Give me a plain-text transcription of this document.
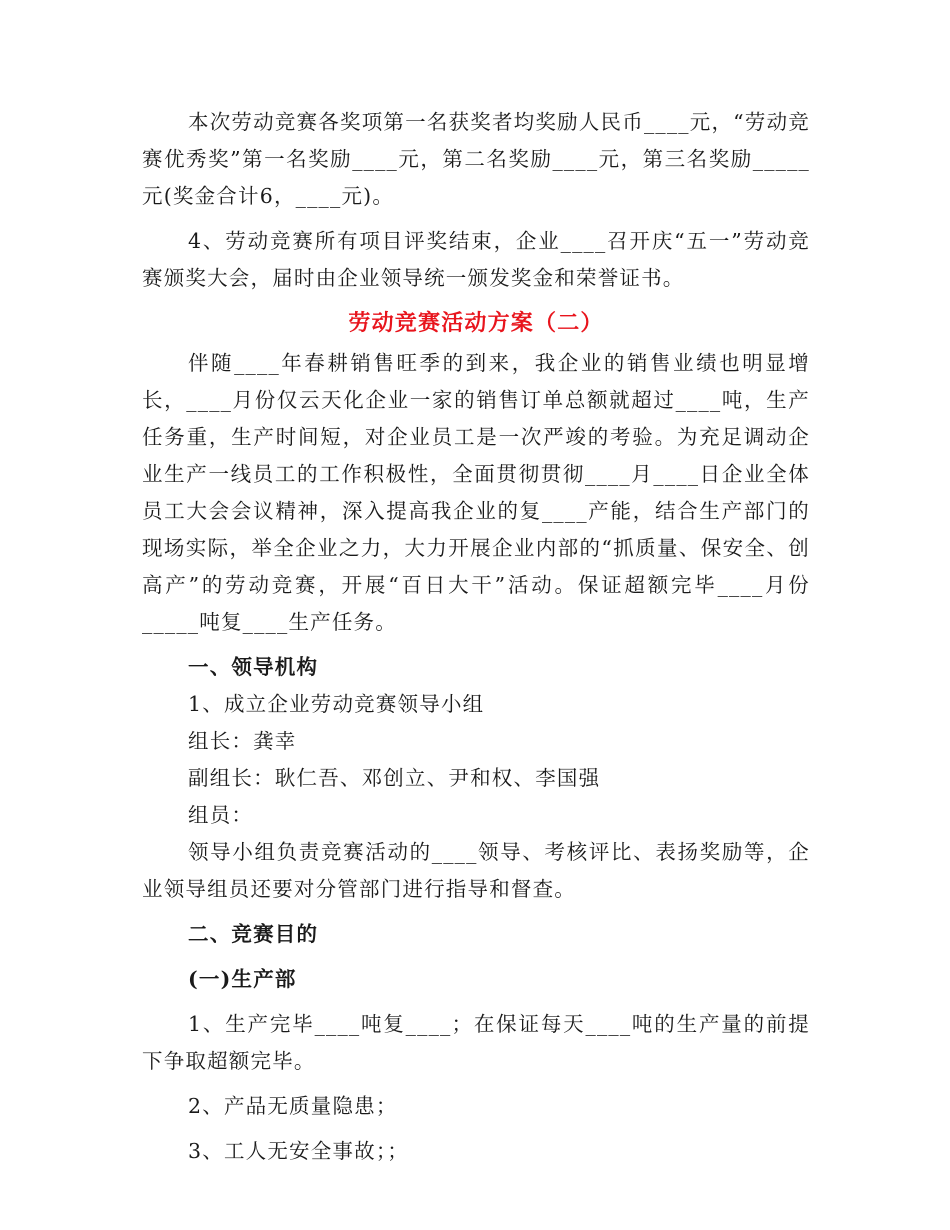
本次劳动竞赛各奖项第一名获奖者均奖励人民币____元，“劳动竞赛优秀奖”第一名奖励____元，第二名奖励____元，第三名奖励_____元(奖金合计6，____元)。

4、劳动竞赛所有项目评奖结束，企业____召开庆“五一”劳动竞赛颁奖大会，届时由企业领导统一颁发奖金和荣誉证书。

劳动竞赛活动方案（二）

伴随____年春耕销售旺季的到来，我企业的销售业绩也明显增长，____月份仅云天化企业一家的销售订单总额就超过____吨，生产任务重，生产时间短，对企业员工是一次严竣的考验。为充足调动企业生产一线员工的工作积极性，全面贯彻贯彻____月____日企业全体员工大会会议精神，深入提高我企业的复____产能，结合生产部门的现场实际，举全企业之力，大力开展企业内部的“抓质量、保安全、创高产”的劳动竞赛，开展“百日大干”活动。保证超额完毕____月份_____吨复____生产任务。

一、领导机构

1、成立企业劳动竞赛领导小组

组长：龚幸

副组长：耿仁吾、邓创立、尹和权、李国强

组员：

领导小组负责竞赛活动的____领导、考核评比、表扬奖励等，企业领导组员还要对分管部门进行指导和督查。

二、竞赛目的

(一)生产部

1、生产完毕____吨复____；在保证每天____吨的生产量的前提下争取超额完毕。

2、产品无质量隐患；

3、工人无安全事故；；
